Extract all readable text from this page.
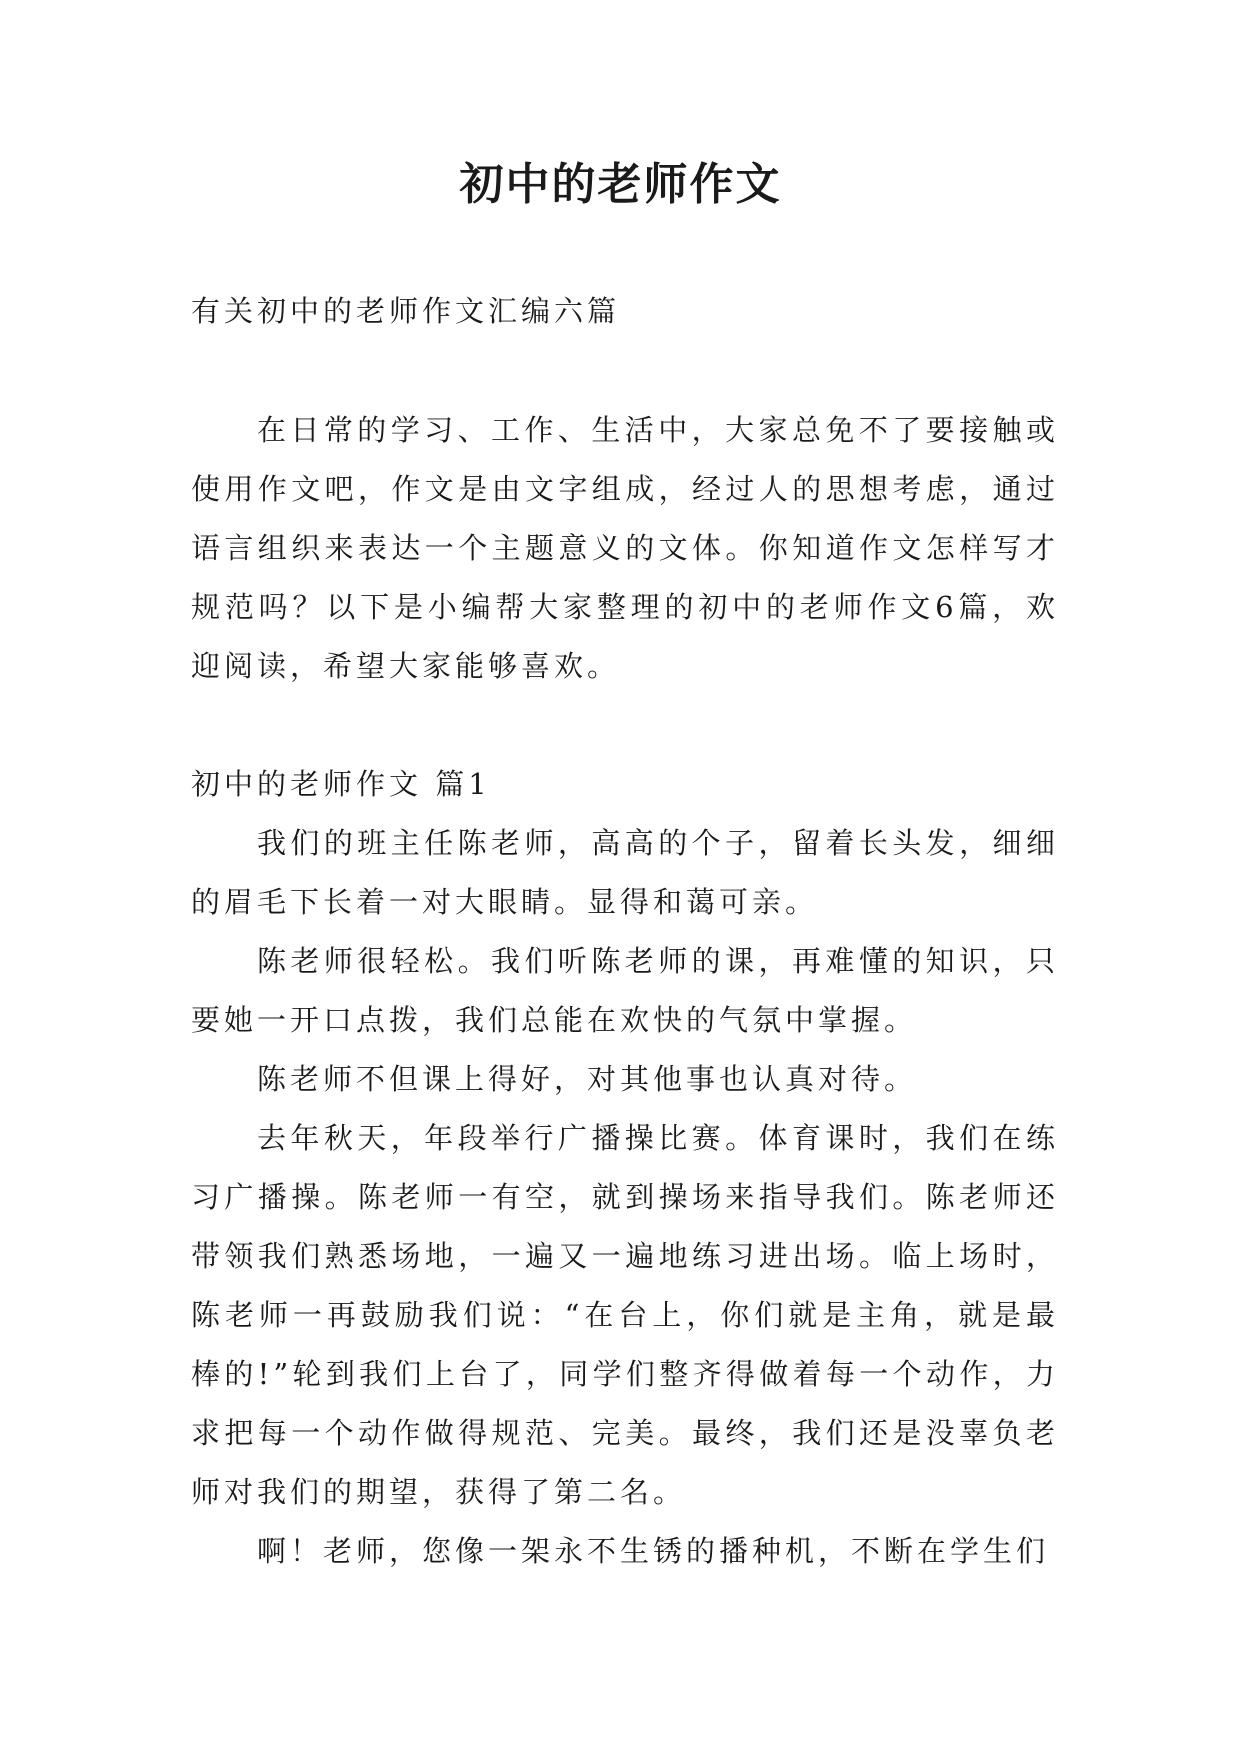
初中的老师作文

有关初中的老师作文汇编六篇

在日常的学习、工作、生活中，大家总免不了要接触或使用作文吧，作文是由文字组成，经过人的思想考虑，通过语言组织来表达一个主题意义的文体。你知道作文怎样写才规范吗？以下是小编帮大家整理的初中的老师作文6篇，欢迎阅读，希望大家能够喜欢。

初中的老师作文 篇1

我们的班主任陈老师，高高的个子，留着长头发，细细的眉毛下长着一对大眼睛。显得和蔼可亲。

陈老师很轻松。我们听陈老师的课，再难懂的知识，只要她一开口点拨，我们总能在欢快的气氛中掌握。

陈老师不但课上得好，对其他事也认真对待。

去年秋天，年段举行广播操比赛。体育课时，我们在练习广播操。陈老师一有空，就到操场来指导我们。陈老师还带领我们熟悉场地，一遍又一遍地练习进出场。临上场时，陈老师一再鼓励我们说：“在台上，你们就是主角，就是最棒的!”轮到我们上台了，同学们整齐得做着每一个动作，力求把每一个动作做得规范、完美。最终，我们还是没辜负老师对我们的期望，获得了第二名。

啊！老师，您像一架永不生锈的播种机，不断在学生们
